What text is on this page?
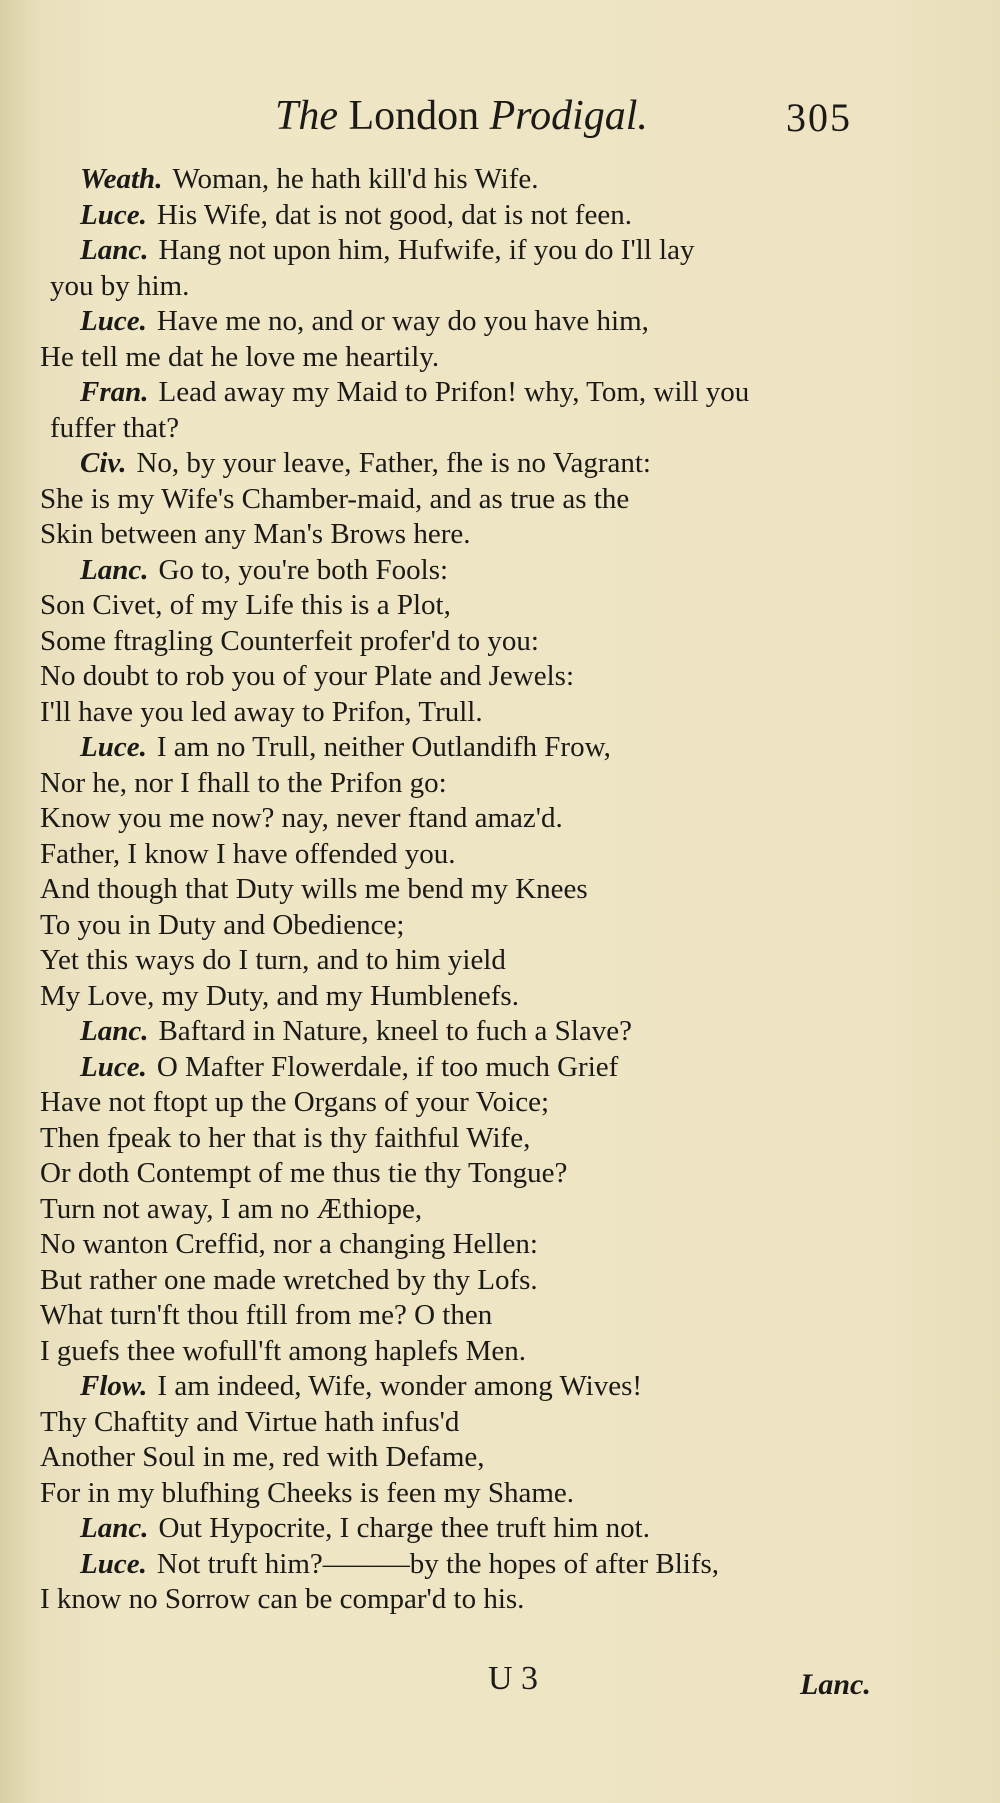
The London Prodigal.	305
Weath. Woman, he hath kill'd his Wife.
Luce. His Wife, dat is not good, dat is not feen.
Lanc. Hang not upon him, Hufwife, if you do I'll lay
you by him.
Luce. Have me no, and or way do you have him,
He tell me dat he love me heartily.
Fran. Lead away my Maid to Prifon! why, Tom, will you
fuffer that?
Civ. No, by your leave, Father, fhe is no Vagrant:
She is my Wife's Chamber-maid, and as true as the
Skin between any Man's Brows here.
Lanc. Go to, you're both Fools:
Son Civet, of my Life this is a Plot,
Some ftragling Counterfeit profer'd to you:
No doubt to rob you of your Plate and Jewels:
I'll have you led away to Prifon, Trull.
Luce. I am no Trull, neither Outlandifh Frow,
Nor he, nor I fhall to the Prifon go:
Know you me now? nay, never ftand amaz'd.
Father, I know I have offended you.
And though that Duty wills me bend my Knees
To you in Duty and Obedience;
Yet this ways do I turn, and to him yield
My Love, my Duty, and my Humblenefs.
Lanc. Baftard in Nature, kneel to fuch a Slave?
Luce. O Mafter Flowerdale, if too much Grief
Have not ftopt up the Organs of your Voice;
Then fpeak to her that is thy faithful Wife,
Or doth Contempt of me thus tie thy Tongue?
Turn not away, I am no Æthiope,
No wanton Creffid, nor a changing Hellen:
But rather one made wretched by thy Lofs.
What turn'ft thou ftill from me? O then
I guefs thee wofull'ft among haplefs Men.
Flow. I am indeed, Wife, wonder among Wives!
Thy Chaftity and Virtue hath infus'd
Another Soul in me, red with Defame,
For in my blufhing Cheeks is feen my Shame.
Lanc. Out Hypocrite, I charge thee truft him not.
Luce. Not truft him?———by the hopes of after Blifs,
I know no Sorrow can be compar'd to his.
U 3	Lanc.
